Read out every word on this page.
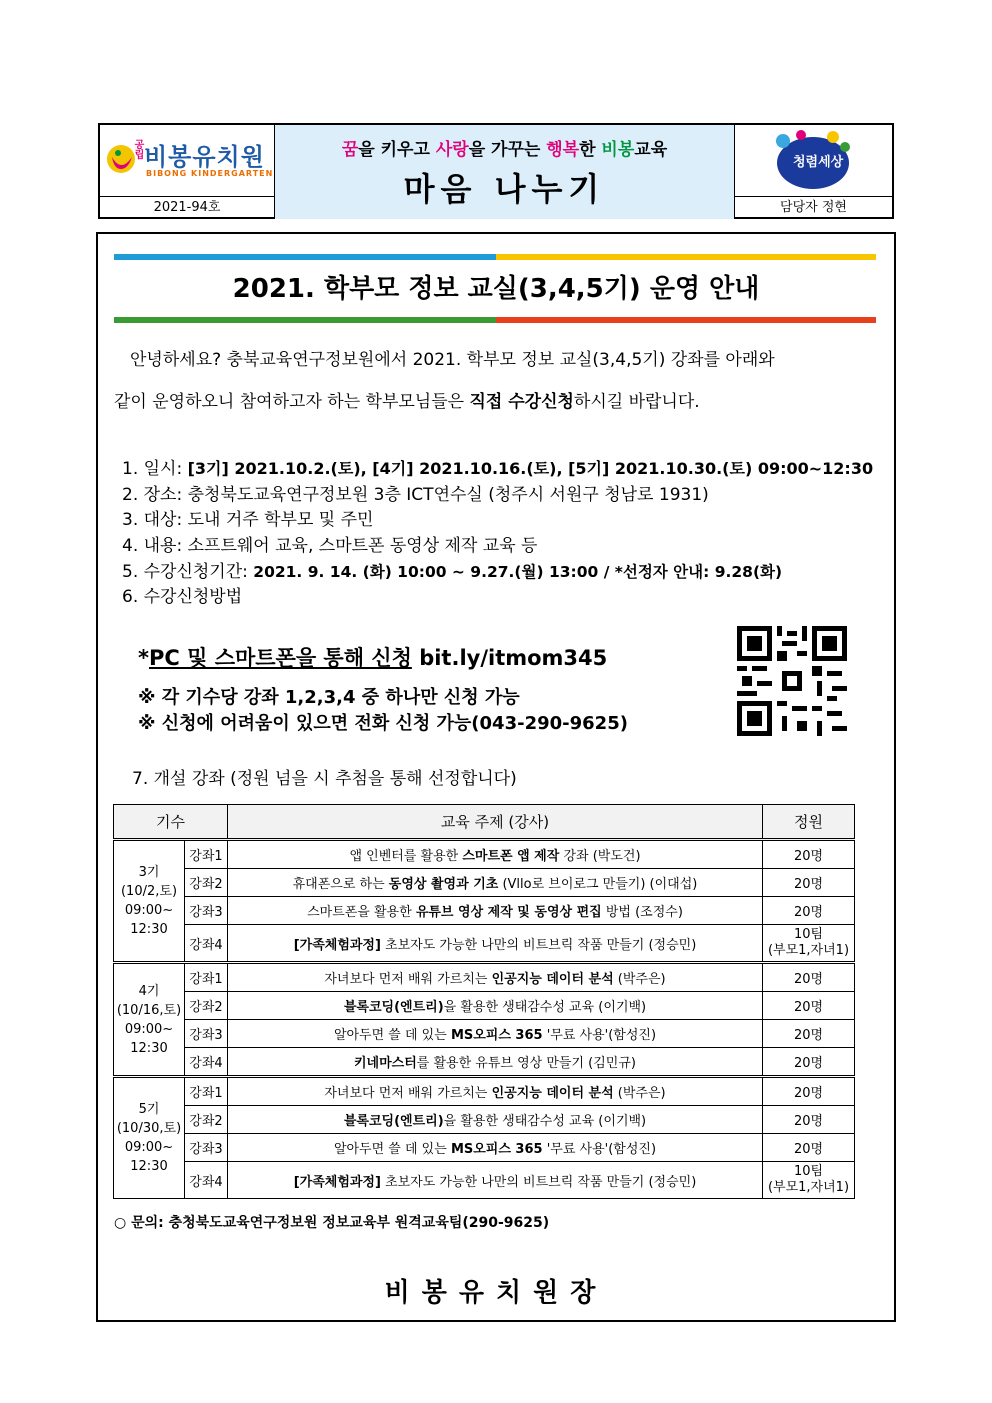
공립 비봉유치원
BIBONG KINDERGARTEN
2021-94호
꿈을 키우고 사랑을 가꾸는 행복한 비봉교육
마음 나누기
청렴세상
담당자 정현
2021. 학부모 정보 교실(3,4,5기) 운영 안내
안녕하세요? 충북교육연구정보원에서 2021. 학부모 정보 교실(3,4,5기) 강좌를 아래와
같이 운영하오니 참여하고자 하는 학부모님들은 직접 수강신청하시길 바랍니다.
1. 일시: [3기] 2021.10.2.(토), [4기] 2021.10.16.(토), [5기] 2021.10.30.(토) 09:00~12:30
2. 장소: 충청북도교육연구정보원 3층 ICT연수실 (청주시 서원구 청남로 1931)
3. 대상: 도내 거주 학부모 및 주민
4. 내용: 소프트웨어 교육, 스마트폰 동영상 제작 교육 등
5. 수강신청기간: 2021. 9. 14. (화) 10:00 ~ 9.27.(월) 13:00 / *선정자 안내: 9.28(화)
6. 수강신청방법
*PC 및 스마트폰을 통해 신청 bit.ly/itmom345
※ 각 기수당 강좌 1,2,3,4 중 하나만 신청 가능
※ 신청에 어려움이 있으면 전화 신청 가능(043-290-9625)
7. 개설 강좌 (정원 넘을 시 추첨을 통해 선정합니다)
기수		교육 주제 (강사)	정원
3기
(10/2,토)
09:00~
12:30	강좌1	앱 인벤터를 활용한 스마트폰 앱 제작 강좌 (박도건)	20명
	강좌2	휴대폰으로 하는 동영상 촬영과 기초 (Vllo로 브이로그 만들기) (이대섭)	20명
	강좌3	스마트폰을 활용한 유튜브 영상 제작 및 동영상 편집 방법 (조정수)	20명
	강좌4	[가족체험과정] 초보자도 가능한 나만의 비트브릭 작품 만들기 (정승민)	10팀
(부모1,자녀1)
4기
(10/16,토)
09:00~
12:30	강좌1	자녀보다 먼저 배워 가르치는 인공지능 데이터 분석 (박주은)	20명
	강좌2	블록코딩(엔트리)을 활용한 생태감수성 교육 (이기백)	20명
	강좌3	알아두면 쓸 데 있는 MS오피스 365 '무료 사용'(함성진)	20명
	강좌4	키네마스터를 활용한 유튜브 영상 만들기 (김민규)	20명
5기
(10/30,토)
09:00~
12:30	강좌1	자녀보다 먼저 배워 가르치는 인공지능 데이터 분석 (박주은)	20명
	강좌2	블록코딩(엔트리)을 활용한 생태감수성 교육 (이기백)	20명
	강좌3	알아두면 쓸 데 있는 MS오피스 365 '무료 사용'(함성진)	20명
	강좌4	[가족체험과정] 초보자도 가능한 나만의 비트브릭 작품 만들기 (정승민)	10팀
(부모1,자녀1)
○ 문의: 충청북도교육연구정보원 정보교육부 원격교육팀(290-9625)
비봉유치원장
